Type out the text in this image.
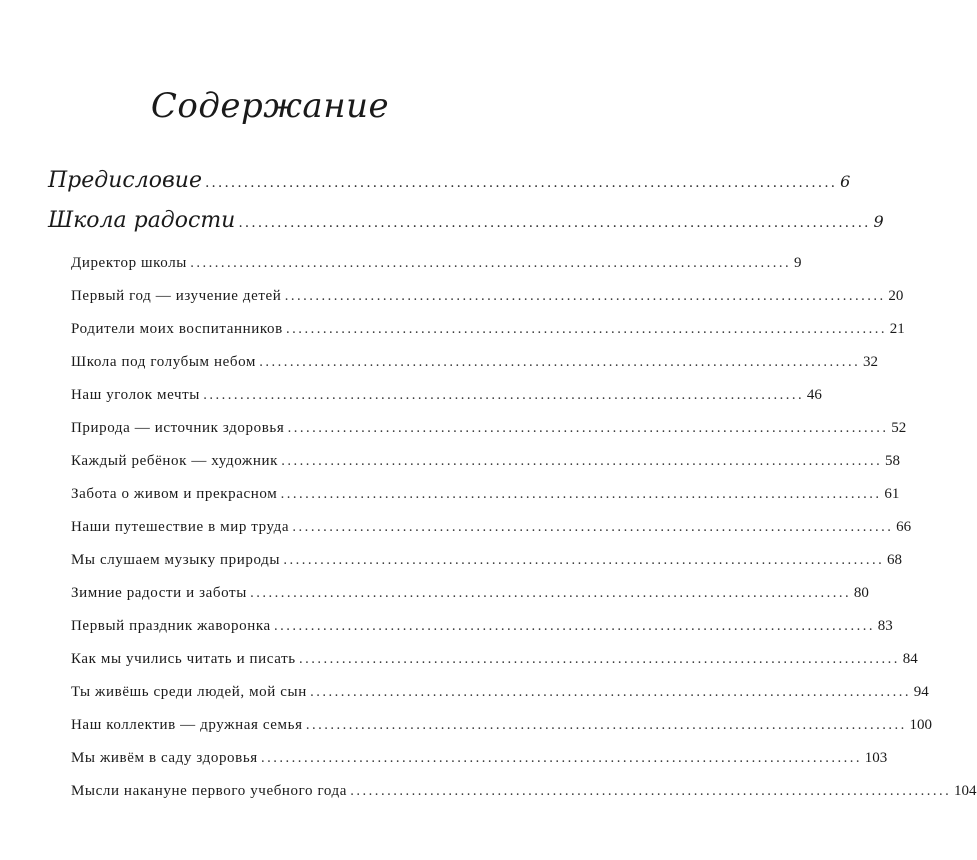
Содержание
Предисловие .................................................................................................. 6
Школа радости .................................................................................................. 9
Директор школы .................................................................................................. 9
Первый год — изучение детей .................................................................................................. 20
Родители моих воспитанников .................................................................................................. 21
Школа под голубым небом .................................................................................................. 32
Наш уголок мечты .................................................................................................. 46
Природа — источник здоровья .................................................................................................. 52
Каждый ребёнок — художник .................................................................................................. 58
Забота о живом и прекрасном .................................................................................................. 61
Наши путешествие в мир труда .................................................................................................. 66
Мы слушаем музыку природы .................................................................................................. 68
Зимние радости и заботы .................................................................................................. 80
Первый праздник жаворонка .................................................................................................. 83
Как мы учились читать и писать .................................................................................................. 84
Ты живёшь среди людей, мой сын .................................................................................................. 94
Наш коллектив — дружная семья .................................................................................................. 100
Мы живём в саду здоровья .................................................................................................. 103
Мысли накануне первого учебного года .................................................................................................. 104
